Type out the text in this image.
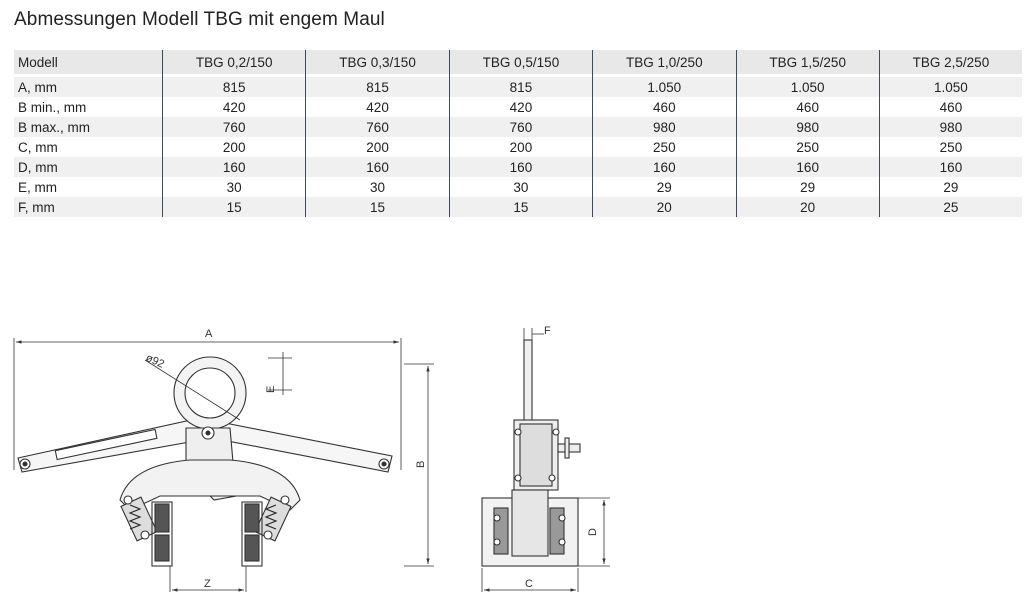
Abmessungen Modell TBG mit engem Maul
Modell	TBG 0,2/150	TBG 0,3/150	TBG 0,5/150	TBG 1,0/250	TBG 1,5/250	TBG 2,5/250

A, mm	815	815	815	1.050	1.050	1.050
B min., mm	420	420	420	460	460	460
B max., mm	760	760	760	980	980	980
C, mm	200	200	200	250	250	250
D, mm	160	160	160	160	160	160
E, mm	30	30	30	29	29	29
F, mm	15	15	15	20	20	25
A
ø92
E
Z
B
F
C
D
